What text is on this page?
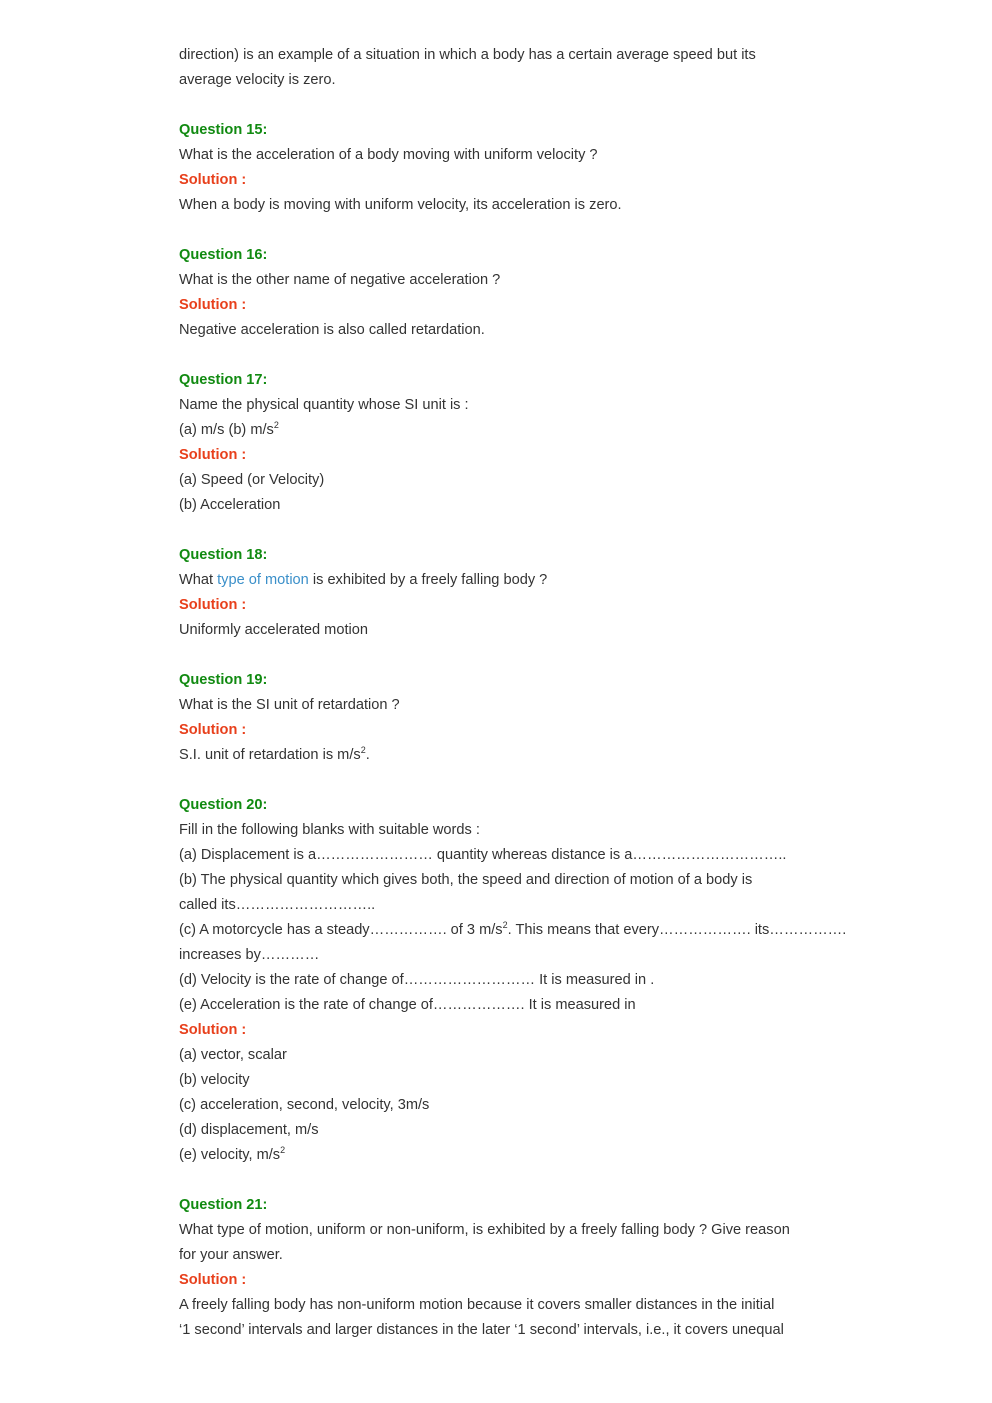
direction) is an example of a situation in which a body has a certain average speed but its

average velocity is zero.

Question 15:

What is the acceleration of a body moving with uniform velocity ?

Solution :

When a body is moving with uniform velocity, its acceleration is zero.

Question 16:

What is the other name of negative acceleration ?

Solution :

Negative acceleration is also called retardation.

Question 17:

Name the physical quantity whose SI unit is :

(a) m/s (b) $m/s^2$

Solution :

(a) Speed (or Velocity)

(b) Acceleration

Question 18:

What type of motion is exhibited by a freely falling body ?

Solution :

Uniformly accelerated motion

Question 19:

What is the SI unit of retardation ?

Solution :

S.I. unit of retardation is $m/s^2$.

Question 20:

Fill in the following blanks with suitable words :

(a) Displacement is a…………………… quantity whereas distance is a…………………………..

(b) The physical quantity which gives both, the speed and direction of motion of a body is

called its………………………..

(c) A motorcycle has a steady……………. of 3 $m/s^2$. This means that every………………. its…………….

increases by…………

(d) Velocity is the rate of change of……………………… It is measured in .

(e) Acceleration is the rate of change of………………. It is measured in

Solution :

(a) vector, scalar

(b) velocity

(c) acceleration, second, velocity, 3m/s

(d) displacement, m/s

(e) velocity, $m/s^2$

Question 21:

What type of motion, uniform or non-uniform, is exhibited by a freely falling body ? Give reason

for your answer.

Solution :

A freely falling body has non-uniform motion because it covers smaller distances in the initial

‘1 second’ intervals and larger distances in the later ‘1 second’ intervals, i.e., it covers unequal
